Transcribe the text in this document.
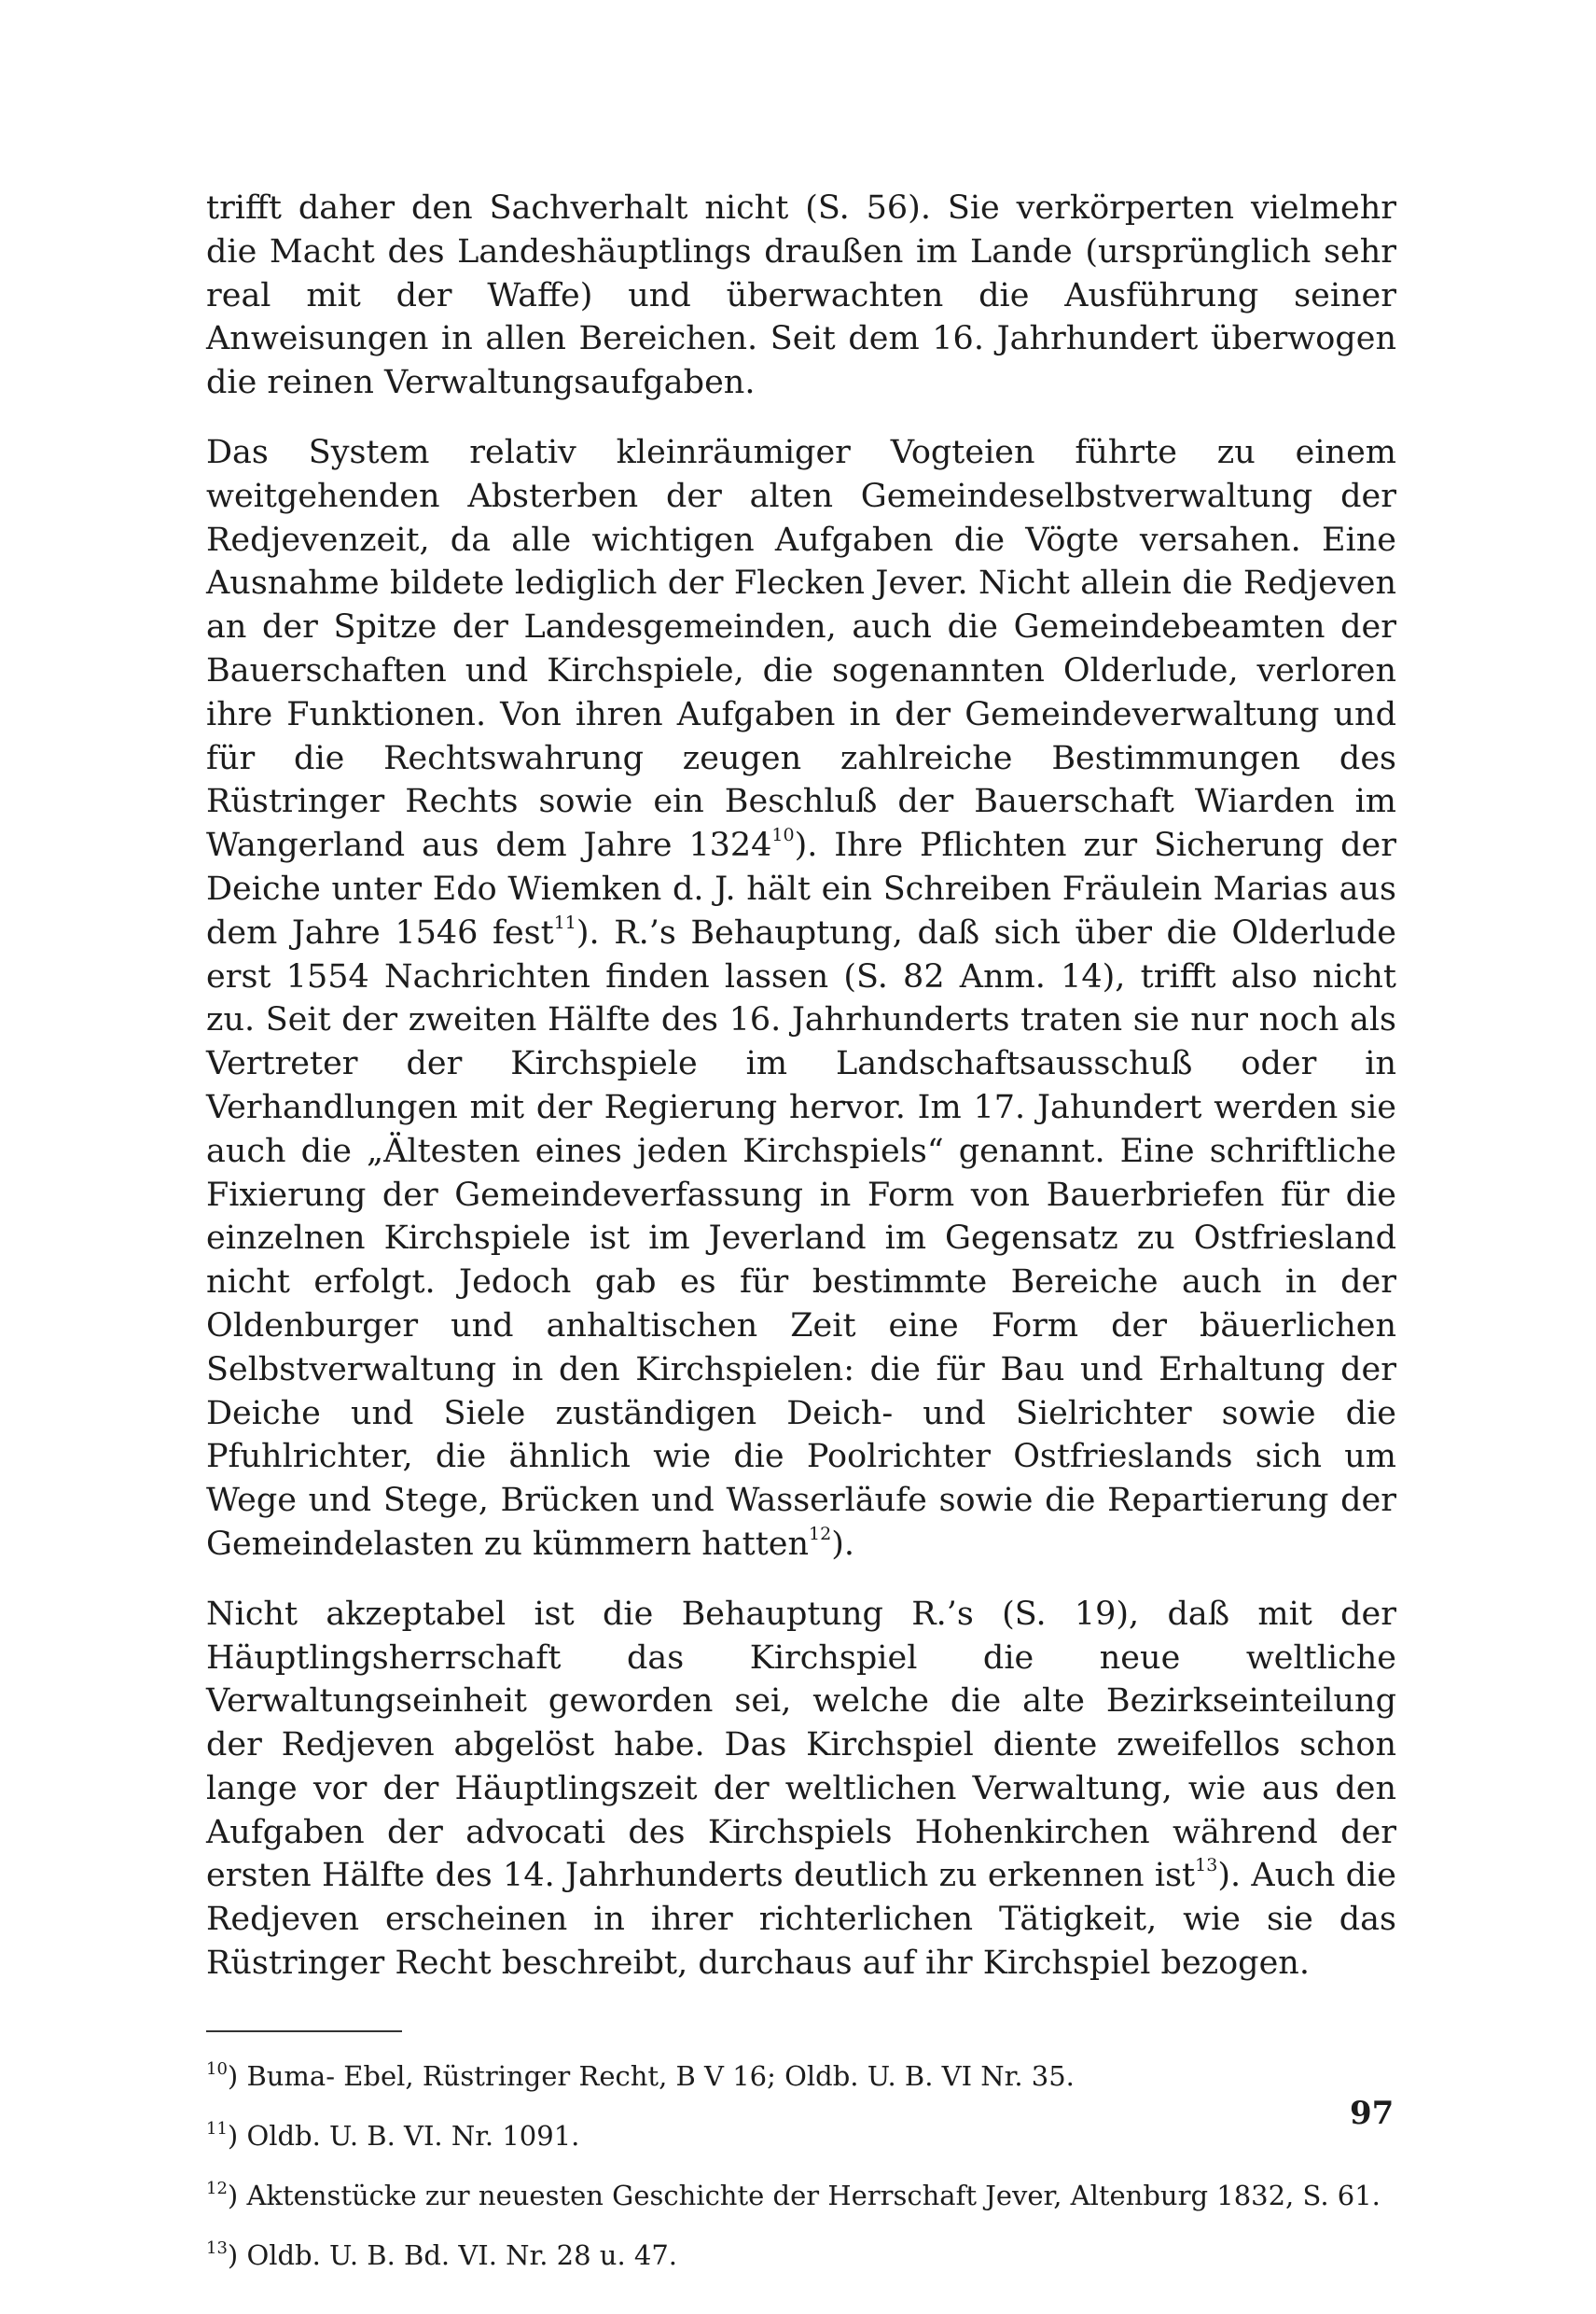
trifft daher den Sachverhalt nicht (S. 56). Sie verkörperten vielmehr die Macht des Landeshäuptlings draußen im Lande (ursprünglich sehr real mit der Waffe) und überwachten die Ausführung seiner Anweisungen in allen Bereichen. Seit dem 16. Jahrhundert überwogen die reinen Verwaltungsaufgaben.

Das System relativ kleinräumiger Vogteien führte zu einem weitgehenden Absterben der alten Gemeindeselbstverwaltung der Redjevenzeit, da alle wichtigen Aufgaben die Vögte versahen. Eine Ausnahme bildete lediglich der Flecken Jever. Nicht allein die Redjeven an der Spitze der Landesgemeinden, auch die Gemeindebeamten der Bauerschaften und Kirchspiele, die sogenannten Olderlude, verloren ihre Funktionen. Von ihren Aufgaben in der Gemeindeverwaltung und für die Rechtswahrung zeugen zahlreiche Bestimmungen des Rüstringer Rechts sowie ein Beschluß der Bauerschaft Wiarden im Wangerland aus dem Jahre 1324$^{10}$). Ihre Pflichten zur Sicherung der Deiche unter Edo Wiemken d. J. hält ein Schreiben Fräulein Marias aus dem Jahre 1546 fest$^{11}$). R.’s Behauptung, daß sich über die Olderlude erst 1554 Nachrichten finden lassen (S. 82 Anm. 14), trifft also nicht zu. Seit der zweiten Hälfte des 16. Jahrhunderts traten sie nur noch als Vertreter der Kirchspiele im Landschaftsausschuß oder in Verhandlungen mit der Regierung hervor. Im 17. Jahundert werden sie auch die „Ältesten eines jeden Kirchspiels“ genannt. Eine schriftliche Fixierung der Gemeindeverfassung in Form von Bauerbriefen für die einzelnen Kirchspiele ist im Jeverland im Gegensatz zu Ostfriesland nicht erfolgt. Jedoch gab es für bestimmte Bereiche auch in der Oldenburger und anhaltischen Zeit eine Form der bäuerlichen Selbstverwaltung in den Kirchspielen: die für Bau und Erhaltung der Deiche und Siele zuständigen Deich- und Sielrichter sowie die Pfuhlrichter, die ähnlich wie die Poolrichter Ostfrieslands sich um Wege und Stege, Brücken und Wasserläufe sowie die Repartierung der Gemeindelasten zu kümmern hatten$^{12}$).

Nicht akzeptabel ist die Behauptung R.’s (S. 19), daß mit der Häuptlingsherrschaft das Kirchspiel die neue weltliche Verwaltungseinheit geworden sei, welche die alte Bezirkseinteilung der Redjeven abgelöst habe. Das Kirchspiel diente zweifellos schon lange vor der Häuptlingszeit der weltlichen Verwaltung, wie aus den Aufgaben der advocati des Kirchspiels Hohenkirchen während der ersten Hälfte des 14. Jahrhunderts deutlich zu erkennen ist$^{13}$). Auch die Redjeven erscheinen in ihrer richterlichen Tätigkeit, wie sie das Rüstringer Recht beschreibt, durchaus auf ihr Kirchspiel bezogen.

$^{10}$) Buma- Ebel, Rüstringer Recht, B V 16; Oldb. U. B. VI Nr. 35.

$^{11}$) Oldb. U. B. VI. Nr. 1091.

$^{12}$) Aktenstücke zur neuesten Geschichte der Herrschaft Jever, Altenburg 1832, S. 61.

$^{13}$) Oldb. U. B. Bd. VI. Nr. 28 u. 47.

97
